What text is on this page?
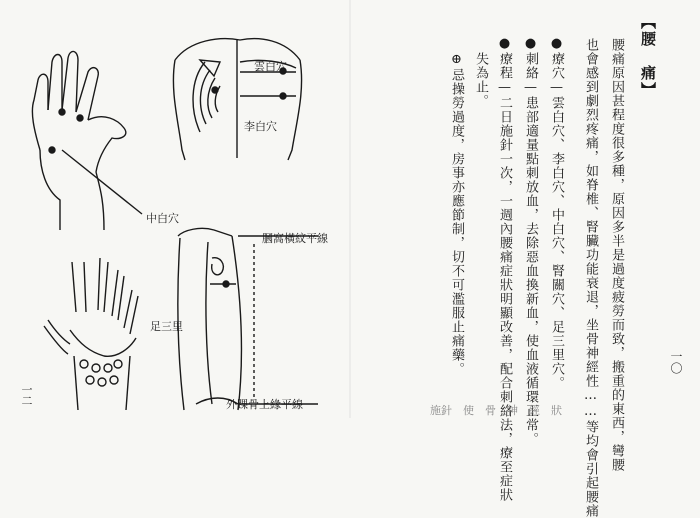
雲白穴
李白穴
中白穴
足三里
膕窩橫紋平線
外踝骨上緣平線
一二
【腰　痛】
腰痛原因甚程度很多種，原因多半是過度疲勞而致，搬重的東西，彎腰
也會感到劇烈疼痛，如脊椎、腎臟功能衰退，坐骨神經性……等均會引起腰痛
●療穴—雲白穴、李白穴、中白穴、腎關穴、足三里穴。
●刺絡—患部適量點刺放血，去除惡血換新血，使血液循環正常。
●療程—二日施針一次，一週內腰痛症狀明顯改善，配合刺絡法，療至症狀
失為止。
⊕忌操勞過度，房事亦應節制，切不可濫服止痛藥。	一〇
施針　使　骨　神　經　狀
